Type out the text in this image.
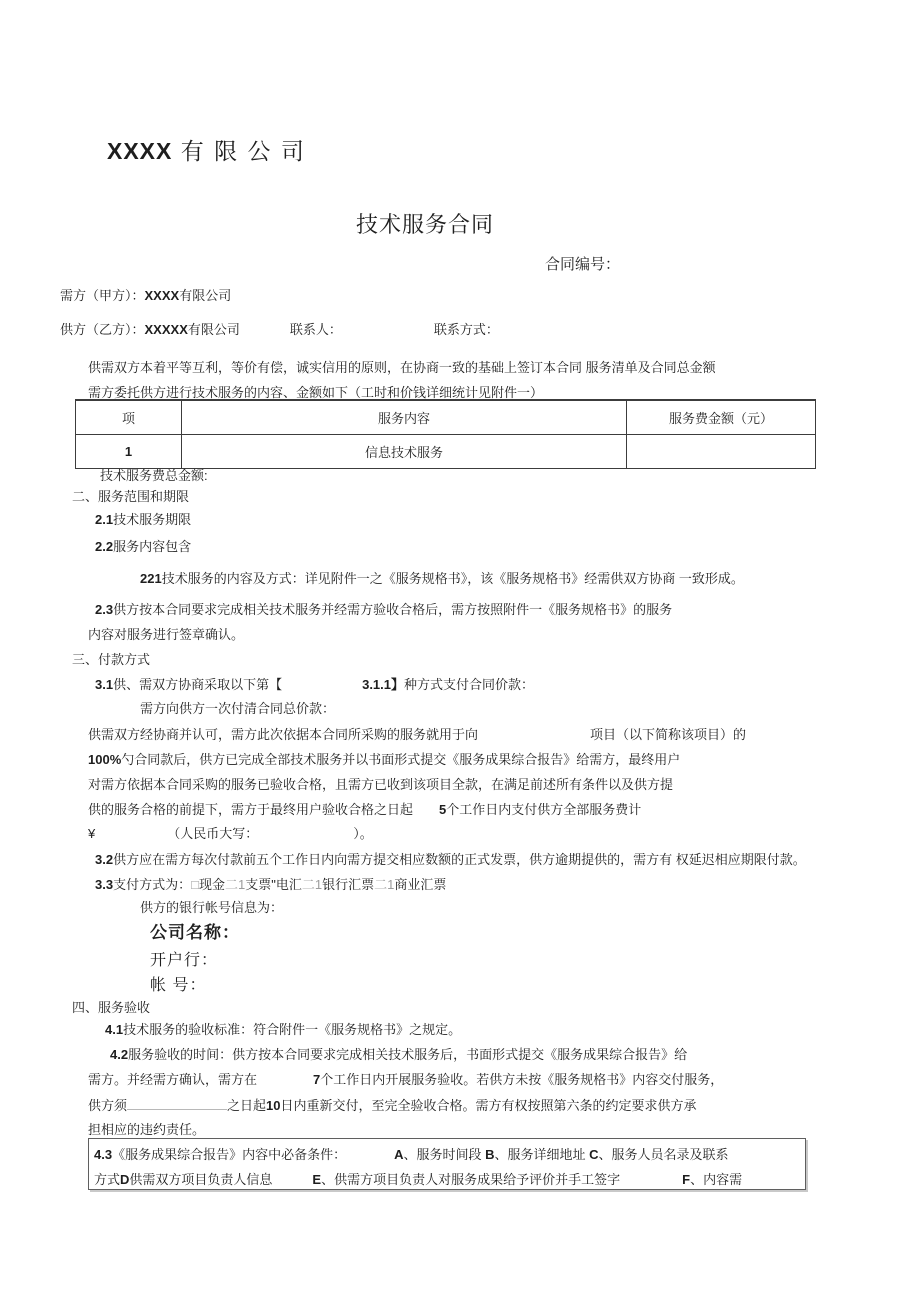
XXXX 有 限 公 司
技术服务合同
合同编号：
需方（甲方）：XXXX有限公司
供方（乙方）：XXXXX有限公司	联系人：	联系方式：
供需双方本着平等互利，等价有偿，诚实信用的原则，在协商一致的基础上签订本合同 服务清单及合同总金额
需方委托供方进行技术服务的内容、金额如下（工时和价钱详细统计见附件一）
项	服务内容	服务费金额（元）
1	信息技术服务	
技术服务费总金额:
二、服务范围和期限
2.1技术服务期限
2.2服务内容包含
221技术服务的内容及方式：详见附件一之《服务规格书》，该《服务规格书》经需供双方协商 一致形成。
2.3供方按本合同要求完成相关技术服务并经需方验收合格后，需方按照附件一《服务规格书》的服务
内容对服务进行签章确认。
三、付款方式
3.1供、需双方协商采取以下第【	3.1.1】种方式支付合同价款：
需方向供方一次付清合同总价款：
供需双方经协商并认可，需方此次依据本合同所采购的服务就用于向	项目（以下简称该项目）的
100%勺合同款后，供方已完成全部技术服务并以书面形式提交《服务成果综合报告》给需方，最终用户
对需方依据本合同采购的服务已验收合格，且需方已收到该项目全款，在满足前述所有条件以及供方提
供的服务合格的前提下，需方于最终用户验收合格之日起 5个工作日内支付供方全部服务费计
¥	（人民币大写：	）。
3.2供方应在需方每次付款前五个工作日内向需方提交相应数额的正式发票，供方逾期提供的，需方有 权延迟相应期限付款。
3.3支付方式为：□现金二1支票"电汇二1银行汇票二1商业汇票
供方的银行帐号信息为：
公司名称：
开户行：
帐 号：
四、服务验收
4.1技术服务的验收标准：符合附件一《服务规格书》之规定。
4.2服务验收的时间：供方按本合同要求完成相关技术服务后，书面形式提交《服务成果综合报告》给
需方。并经需方确认，需方在	7个工作日内开展服务验收。若供方未按《服务规格书》内容交付服务，
供方须	之日起10日内重新交付，至完全验收合格。需方有权按照第六条的约定要求供方承
担相应的违约责任。
4.3《服务成果综合报告》内容中必备条件：	A、服务时间段 B、服务详细地址 C、服务人员名录及联系
方式D供需双方项目负责人信息	E、供需方项目负责人对服务成果给予评价并手工签字	F、内容需
